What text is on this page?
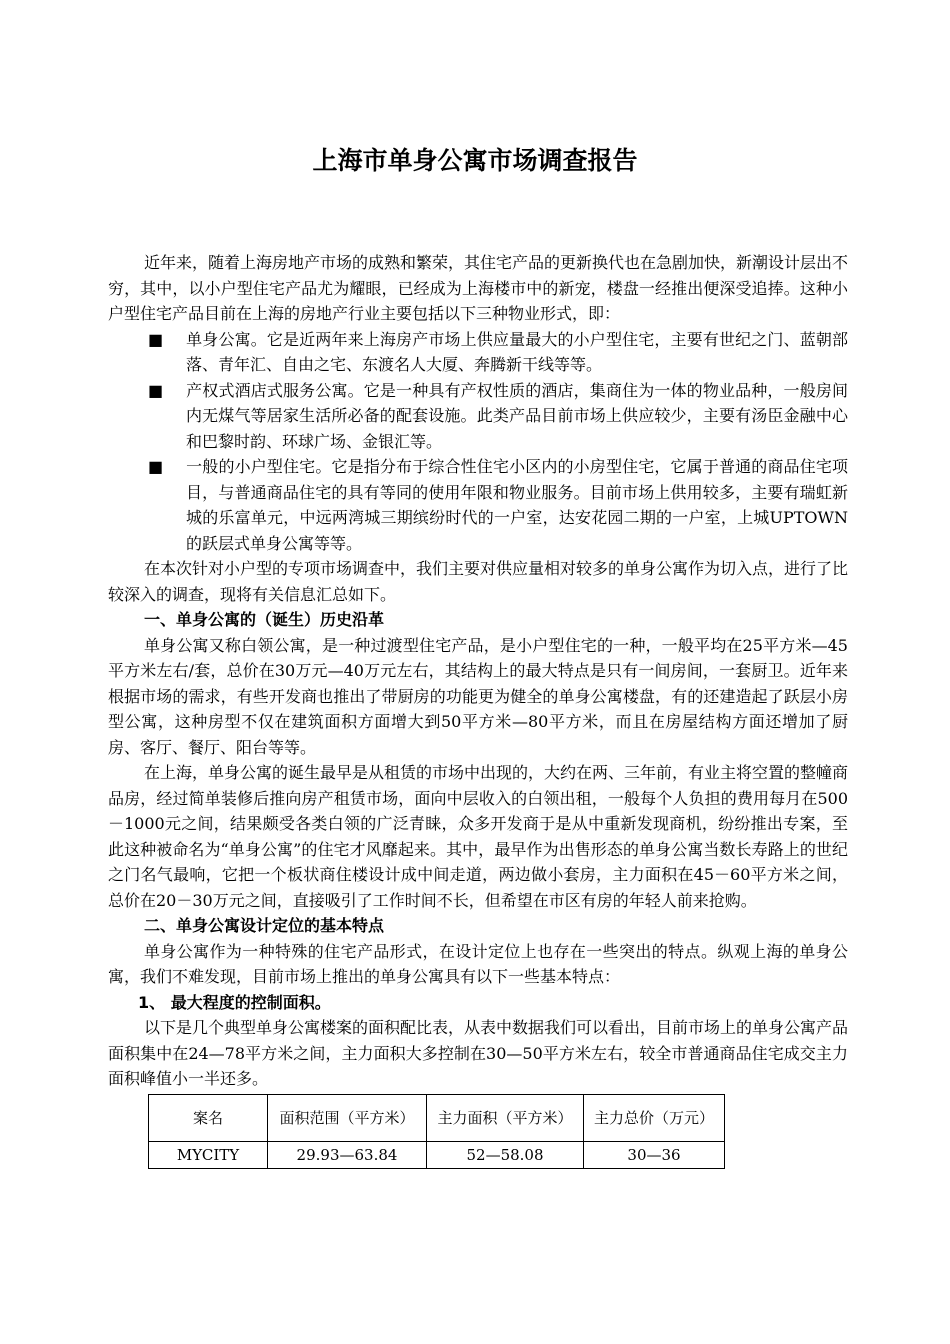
上海市单身公寓市场调查报告

近年来，随着上海房地产市场的成熟和繁荣，其住宅产品的更新换代也在急剧加快，新潮设计层出不穷，其中，以小户型住宅产品尤为耀眼，已经成为上海楼市中的新宠，楼盘一经推出便深受追捧。这种小户型住宅产品目前在上海的房地产行业主要包括以下三种物业形式，即：

■ 单身公寓。它是近两年来上海房产市场上供应量最大的小户型住宅，主要有世纪之门、蓝朝部落、青年汇、自由之宅、东渡名人大厦、奔腾新干线等等。

■ 产权式酒店式服务公寓。它是一种具有产权性质的酒店，集商住为一体的物业品种，一般房间内无煤气等居家生活所必备的配套设施。此类产品目前市场上供应较少，主要有汤臣金融中心和巴黎时韵、环球广场、金银汇等。

■ 一般的小户型住宅。它是指分布于综合性住宅小区内的小房型住宅，它属于普通的商品住宅项目，与普通商品住宅的具有等同的使用年限和物业服务。目前市场上供用较多，主要有瑞虹新城的乐富单元，中远两湾城三期缤纷时代的一户室，达安花园二期的一户室，上城UPTOWN的跃层式单身公寓等等。

在本次针对小户型的专项市场调查中，我们主要对供应量相对较多的单身公寓作为切入点，进行了比较深入的调查，现将有关信息汇总如下。

一、单身公寓的（诞生）历史沿革

单身公寓又称白领公寓，是一种过渡型住宅产品，是小户型住宅的一种，一般平均在25平方米—45平方米左右/套，总价在30万元—40万元左右，其结构上的最大特点是只有一间房间，一套厨卫。近年来根据市场的需求，有些开发商也推出了带厨房的功能更为健全的单身公寓楼盘，有的还建造起了跃层小房型公寓，这种房型不仅在建筑面积方面增大到50平方米—80平方米，而且在房屋结构方面还增加了厨房、客厅、餐厅、阳台等等。

在上海，单身公寓的诞生最早是从租赁的市场中出现的，大约在两、三年前，有业主将空置的整幢商品房，经过简单装修后推向房产租赁市场，面向中层收入的白领出租，一般每个人负担的费用每月在500－1000元之间，结果颇受各类白领的广泛青睐，众多开发商于是从中重新发现商机，纷纷推出专案，至此这种被命名为“单身公寓”的住宅才风靡起来。其中，最早作为出售形态的单身公寓当数长寿路上的世纪之门名气最响，它把一个板状商住楼设计成中间走道，两边做小套房，主力面积在45－60平方米之间，总价在20－30万元之间，直接吸引了工作时间不长，但希望在市区有房的年轻人前来抢购。

二、单身公寓设计定位的基本特点

单身公寓作为一种特殊的住宅产品形式，在设计定位上也存在一些突出的特点。纵观上海的单身公寓，我们不难发现，目前市场上推出的单身公寓具有以下一些基本特点：

1、 最大程度的控制面积。

以下是几个典型单身公寓楼案的面积配比表，从表中数据我们可以看出，目前市场上的单身公寓产品面积集中在24—78平方米之间，主力面积大多控制在30—50平方米左右，较全市普通商品住宅成交主力面积峰值小一半还多。

案名	面积范围（平方米）	主力面积（平方米）	主力总价（万元）
MYCITY	29.93—63.84	52—58.08	30—36
